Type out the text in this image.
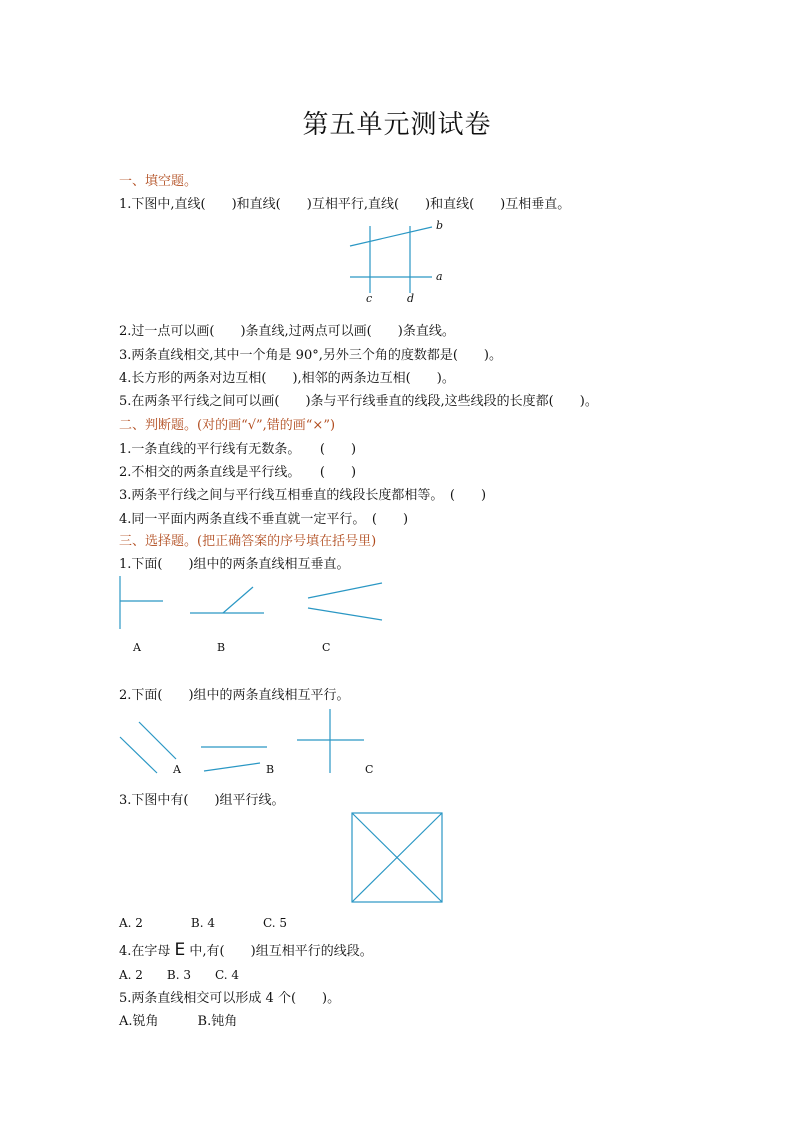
第五单元测试卷
一、填空题。
1.下图中,直线(　　)和直线(　　)互相平行,直线(　　)和直线(　　)互相垂直。
b
a
c	d
2.过一点可以画(　　)条直线,过两点可以画(　　)条直线。
3.两条直线相交,其中一个角是 90°,另外三个角的度数都是(　　)。
4.长方形的两条对边互相(　　),相邻的两条边互相(　　)。
5.在两条平行线之间可以画(　　)条与平行线垂直的线段,这些线段的长度都(　　)。
二、判断题。(对的画“√”,错的画“×”)
1.一条直线的平行线有无数条。　　(　　)
2.不相交的两条直线是平行线。　　(　　)
3.两条平行线之间与平行线互相垂直的线段长度都相等。　(　　)
4.同一平面内两条直线不垂直就一定平行。　(　　)
三、选择题。(把正确答案的序号填在括号里)
1.下面(　　)组中的两条直线相互垂直。
A	B	C
2.下面(　　)组中的两条直线相互平行。
A	B	C
3.下图中有(　　)组平行线。
A. 2　　　　B. 4　　　　C. 5
4.在字母 E 中,有(　　)组互相平行的线段。
A. 2　　B. 3　　C. 4
5.两条直线相交可以形成 4 个(　　)。
A.锐角　　　B.钝角
